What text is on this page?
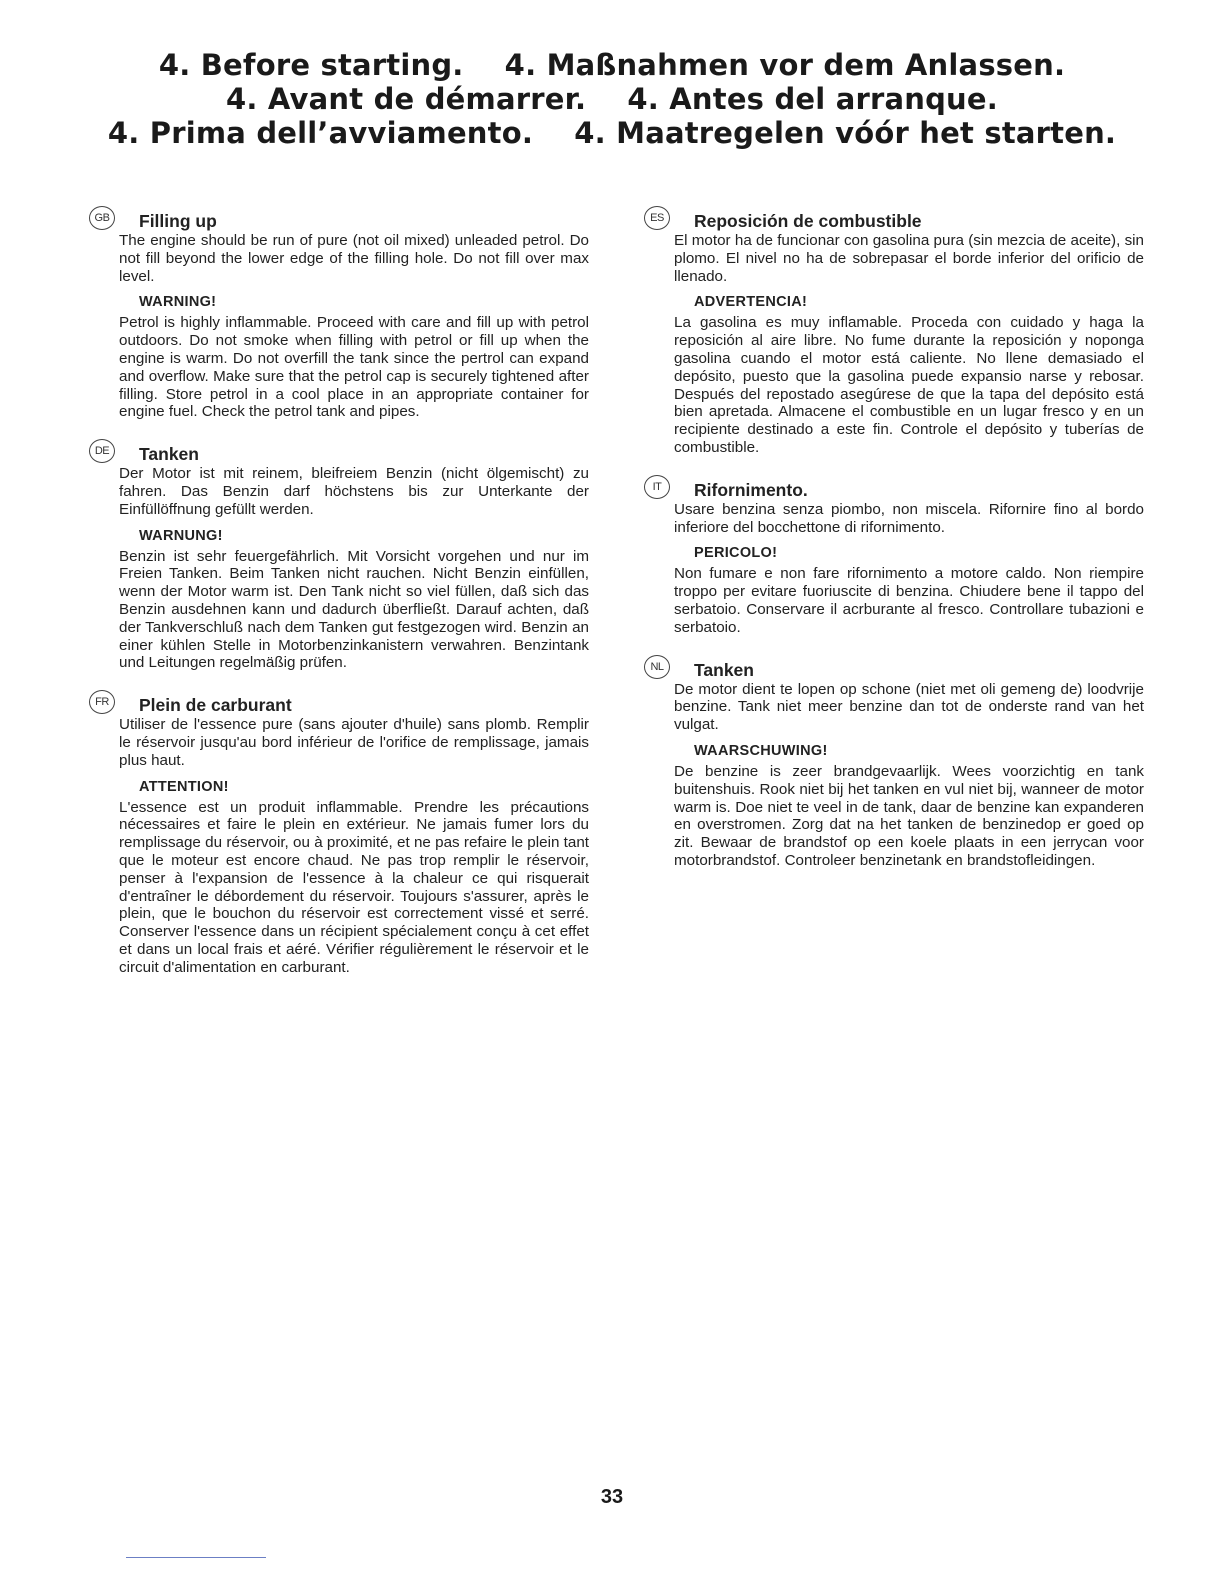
4. Before starting.    4. Maßnahmen vor dem Anlassen.
4. Avant de démarrer.    4. Antes del arranque.
4. Prima dell’avviamento.    4. Maatregelen vóór het starten.
GB	Filling up

The engine should be run of pure (not oil mixed) unleaded petrol. Do not fill beyond the lower edge of the filling hole. Do not fill over max level.

WARNING!

Petrol is highly inflammable. Proceed with care and fill up with petrol outdoors. Do not smoke when filling with petrol or fill up when the engine is warm. Do not overfill the tank since the pertrol can expand and overflow. Make sure that the petrol cap is securely tightened after filling. Store petrol in a cool place in an appropriate container for engine fuel. Check the petrol tank and pipes.

DE	Tanken

Der Motor ist mit reinem, bleifreiem Benzin (nicht ölgemischt) zu fahren. Das Benzin darf höchstens bis zur Unterkante der Einfüllöffnung gefüllt werden.

WARNUNG!

Benzin ist sehr feuergefährlich. Mit Vorsicht vorgehen und nur im Freien Tanken. Beim Tanken nicht rauchen. Nicht Benzin einfüllen, wenn der Motor warm ist. Den Tank nicht so viel füllen, daß sich das Benzin ausdehnen kann und dadurch überfließt. Darauf achten, daß der Tankverschluß nach dem Tanken gut festgezogen wird. Benzin an einer kühlen Stelle in Motorbenzinkanistern verwahren. Benzintank und Leitungen regelmäßig prüfen.

FR	Plein de carburant

Utiliser de l'essence pure (sans ajouter d'huile) sans plomb. Remplir le réservoir jusqu'au bord inférieur de l'orifice de remplissage, jamais plus haut.

ATTENTION!

L'essence est un produit inflammable. Prendre les précautions nécessaires et faire le plein en extérieur. Ne jamais fumer lors du remplissage du réservoir, ou à proximité, et ne pas refaire le plein tant que le moteur est encore chaud. Ne pas trop remplir le réservoir, penser à l'expansion de l'essence à la chaleur ce qui risquerait d'entraîner le débordement du réservoir. Toujours s'assurer, après le plein, que le bouchon du réservoir est correctement vissé et serré. Conserver l'essence dans un récipient spécialement conçu à cet effet et dans un local frais et aéré. Vérifier régulièrement le réservoir et le circuit d'alimentation en carburant.

ES	Reposición de combustible

El motor ha de funcionar con gasolina pura (sin mezcia de aceite), sin plomo. El nivel no ha de sobrepasar el borde inferior del orificio de llenado.

ADVERTENCIA!

La gasolina es muy inflamable. Proceda con cuidado y haga la reposición al aire libre. No fume durante la reposición y noponga gasolina cuando el motor está caliente. No llene demasiado el depósito, puesto que la gasolina puede expansio narse y rebosar. Después del repostado asegúrese de que la tapa del depósito está bien apretada. Almacene el combustible en un lugar fresco y en un recipiente destinado a este fin. Controle el depósito y tuberías de combustible.

IT	Rifornimento.

Usare benzina senza piombo, non miscela. Rifornire fino al bordo inferiore del bocchettone di rifornimento.

PERICOLO!

Non fumare e non fare rifornimento a motore caldo. Non riempire troppo per evitare fuoriuscite di benzina. Chiudere bene il tappo del serbatoio. Conservare il acrburante al fresco. Controllare tubazioni e serbatoio.

NL	Tanken

De motor dient te lopen op schone (niet met oli gemeng de) loodvrije benzine. Tank niet meer benzine dan tot de onderste rand van het vulgat.

WAARSCHUWING!

De benzine is zeer brandgevaarlijk. Wees voorzichtig en tank buitenshuis. Rook niet bij het tanken en vul niet bij, wanneer de motor warm is. Doe niet te veel in de tank, daar de benzine kan expanderen en overstromen. Zorg dat na het tanken de benzinedop er goed op zit. Bewaar de brandstof op een koele plaats in een jerrycan voor motorbrandstof. Controleer benzinetank en brandstofleidingen.

33
